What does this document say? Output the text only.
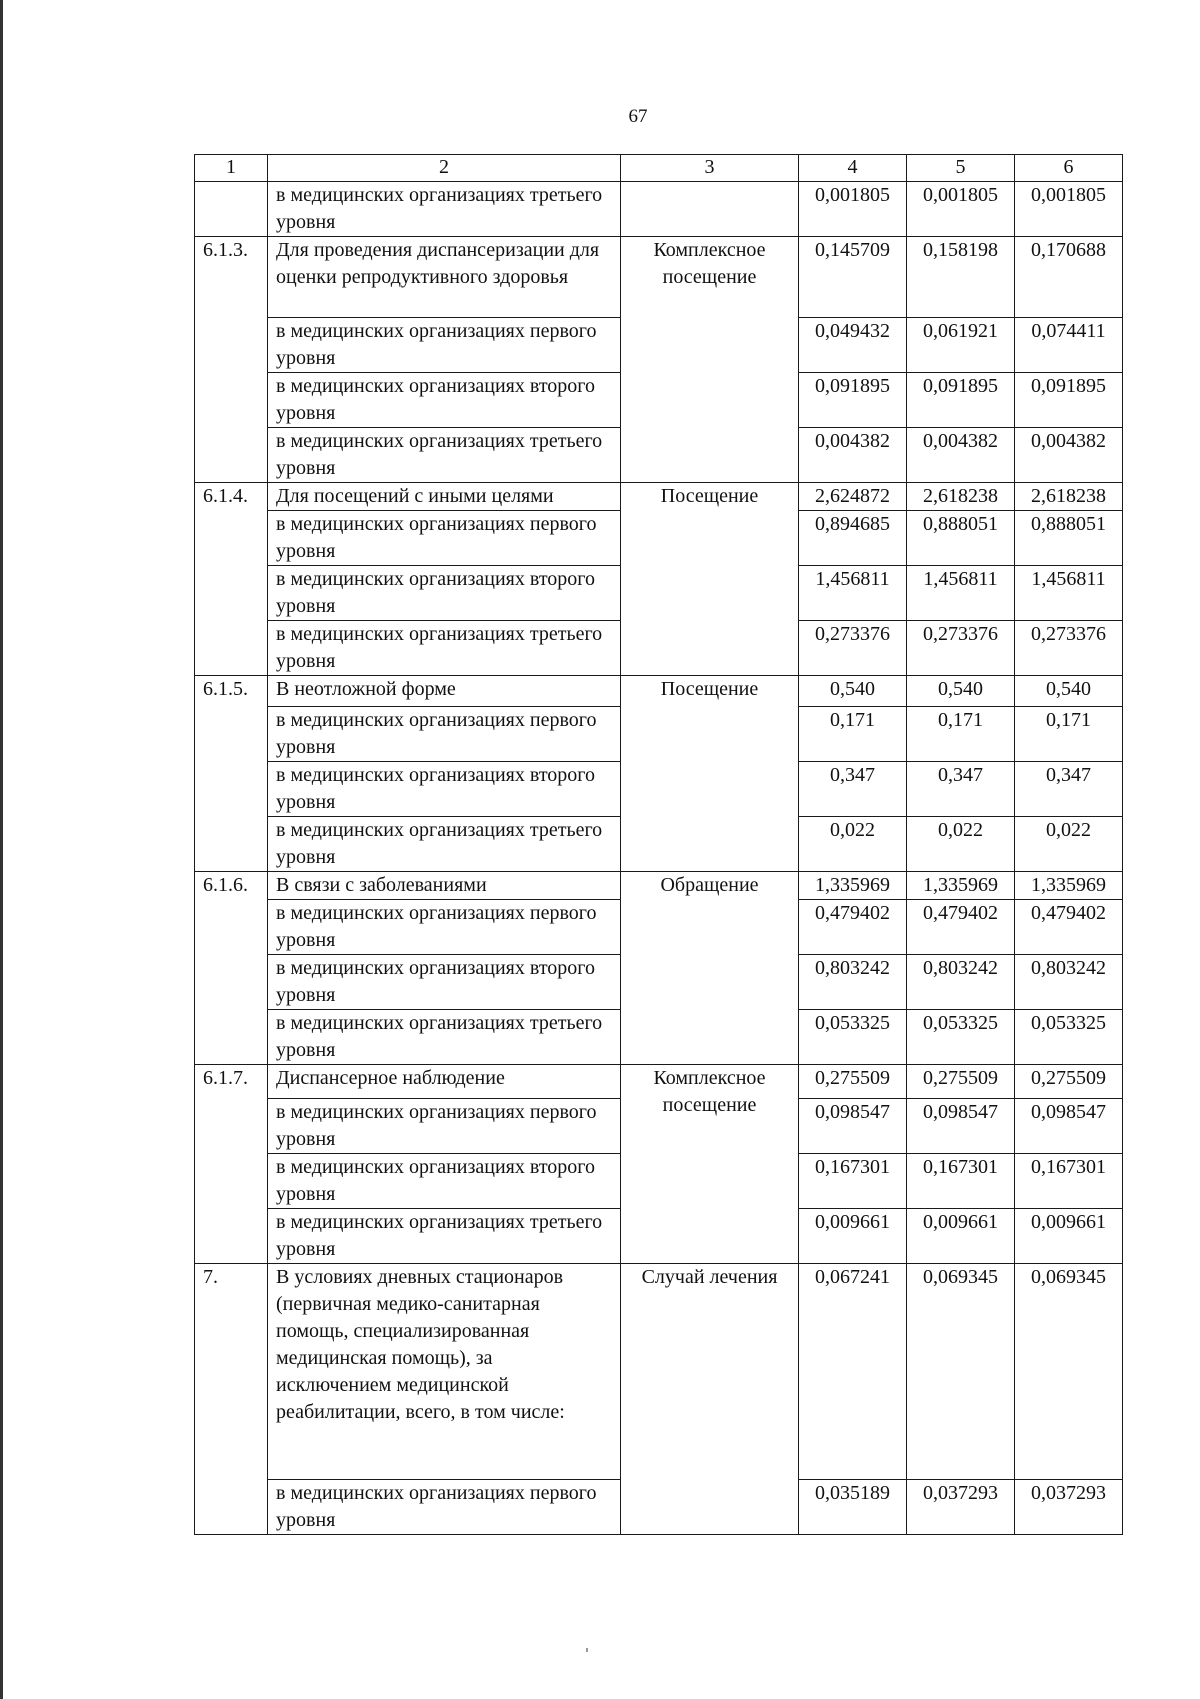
67
1	2	3	4	5	6
	в медицинских организациях третьего уровня		0,001805	0,001805	0,001805
6.1.3.	Для проведения диспансеризации для оценки репродуктивного здоровья	Комплексное посещение	0,145709	0,158198	0,170688
	в медицинских организациях первого уровня		0,049432	0,061921	0,074411
	в медицинских организациях второго уровня		0,091895	0,091895	0,091895
	в медицинских организациях третьего уровня		0,004382	0,004382	0,004382
6.1.4.	Для посещений с иными целями	Посещение	2,624872	2,618238	2,618238
	в медицинских организациях первого уровня		0,894685	0,888051	0,888051
	в медицинских организациях второго уровня		1,456811	1,456811	1,456811
	в медицинских организациях третьего уровня		0,273376	0,273376	0,273376
6.1.5.	В неотложной форме	Посещение	0,540	0,540	0,540
	в медицинских организациях первого уровня		0,171	0,171	0,171
	в медицинских организациях второго уровня		0,347	0,347	0,347
	в медицинских организациях третьего уровня		0,022	0,022	0,022
6.1.6.	В связи с заболеваниями	Обращение	1,335969	1,335969	1,335969
	в медицинских организациях первого уровня		0,479402	0,479402	0,479402
	в медицинских организациях второго уровня		0,803242	0,803242	0,803242
	в медицинских организациях третьего уровня		0,053325	0,053325	0,053325
6.1.7.	Диспансерное наблюдение	Комплексное посещение	0,275509	0,275509	0,275509
	в медицинских организациях первого уровня		0,098547	0,098547	0,098547
	в медицинских организациях второго уровня		0,167301	0,167301	0,167301
	в медицинских организациях третьего уровня		0,009661	0,009661	0,009661
7.	В условиях дневных стационаров (первичная медико-санитарная помощь, специализированная медицинская помощь), за исключением медицинской реабилитации, всего, в том числе:	Случай лечения	0,067241	0,069345	0,069345
	в медицинских организациях первого уровня		0,035189	0,037293	0,037293
